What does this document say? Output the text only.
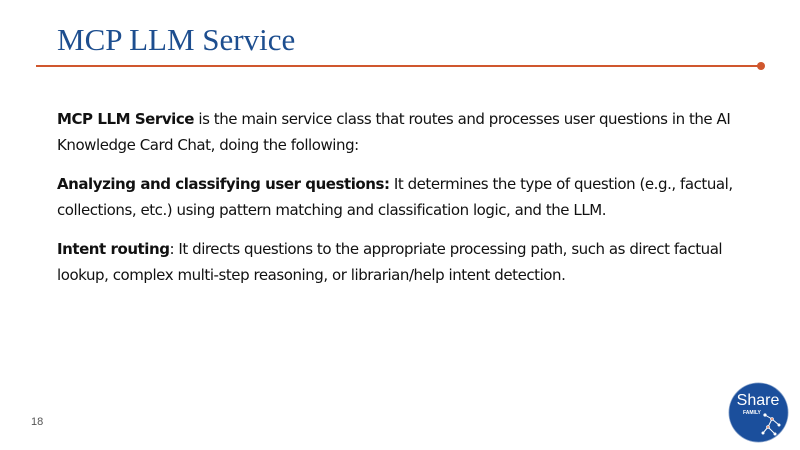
MCP LLM Service

MCP LLM Service is the main service class that routes and processes user questions in the AI Knowledge Card Chat, doing the following:

Analyzing and classifying user questions: It determines the type of question (e.g., factual, collections, etc.) using pattern matching and classification logic, and the LLM.

Intent routing: It directs questions to the appropriate processing path, such as direct factual lookup, complex multi-step reasoning, or librarian/help intent detection.

18
Share
FAMILY
